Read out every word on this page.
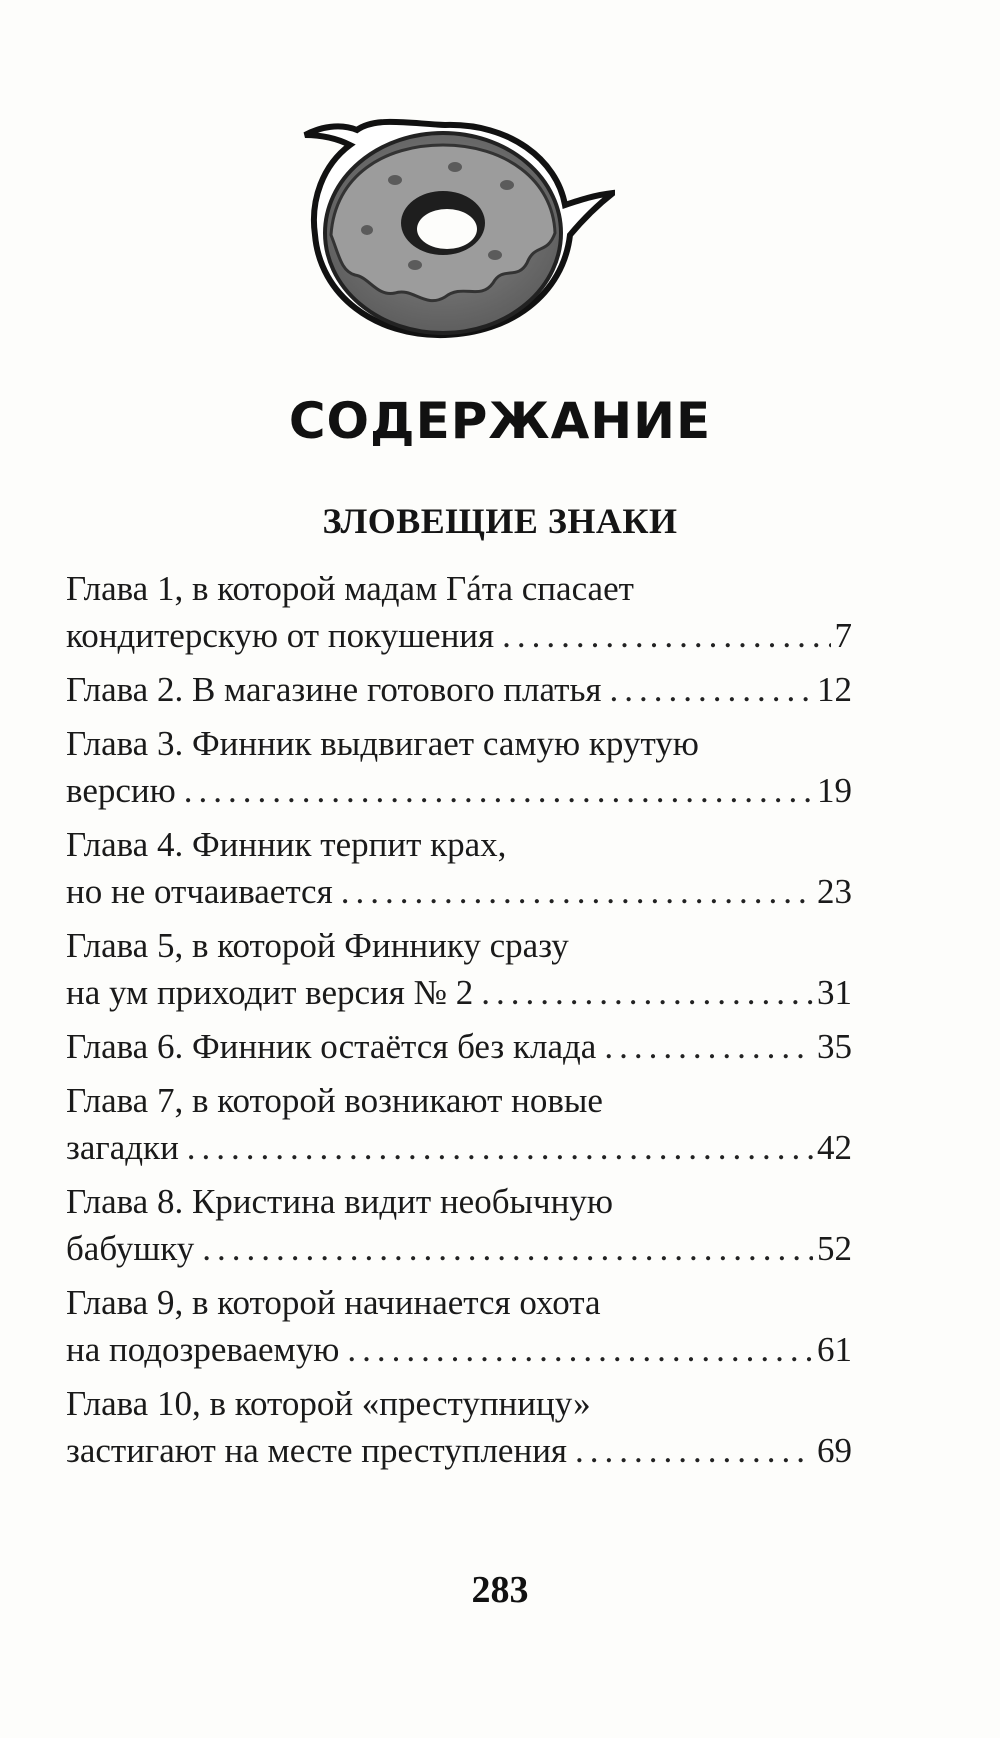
СОДЕРЖАНИЕ
ЗЛОВЕЩИЕ ЗНАКИ
Глава 1, в которой мадам Гáта спасает
кондитерскую от покушения .....	7
Глава 2. В магазине готового платья .....	12
Глава 3. Финник выдвигает самую крутую
версию .....	19
Глава 4. Финник терпит крах,
но не отчаивается .....	23
Глава 5, в которой Финнику сразу
на ум приходит версия № 2 .....	31
Глава 6. Финник остаётся без клада .....	35
Глава 7, в которой возникают новые
загадки .....	42
Глава 8. Кристина видит необычную
бабушку .....	52
Глава 9, в которой начинается охота
на подозреваемую .....	61
Глава 10, в которой «преступницу»
застигают на месте преступления .....	69

283
